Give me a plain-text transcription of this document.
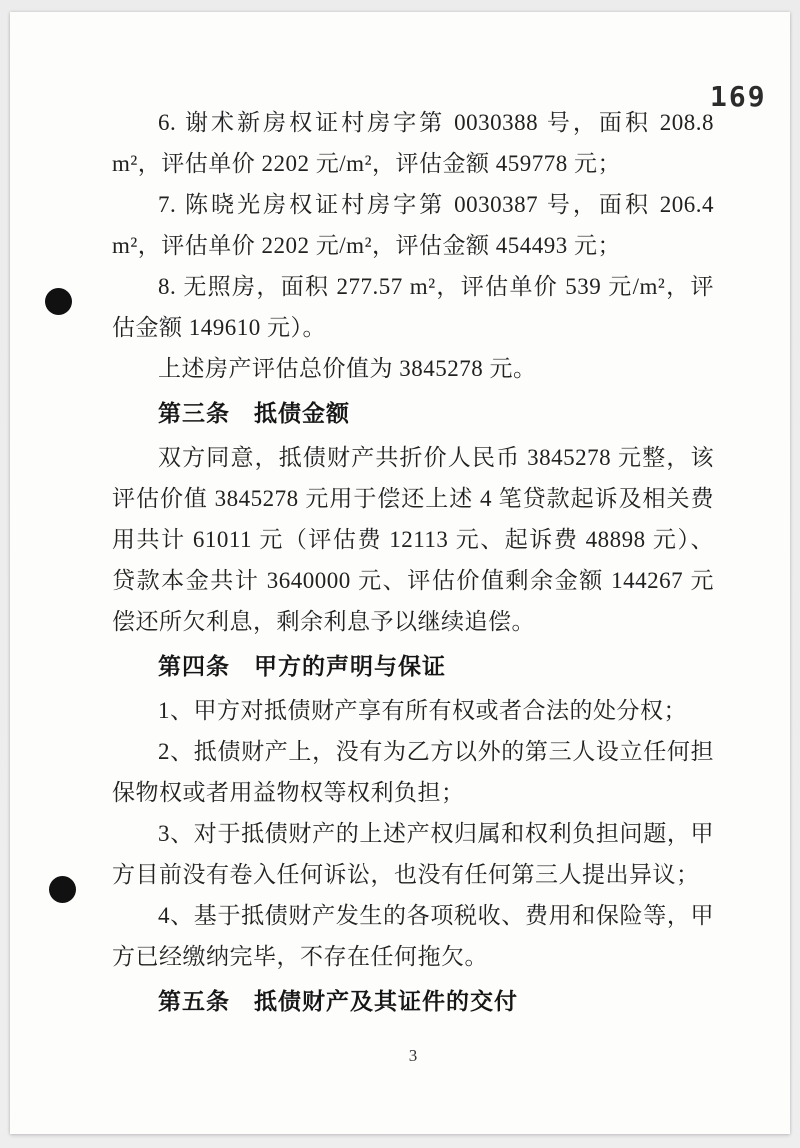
169

6. 谢术新房权证村房字第 0030388 号，面积 208.8 m²，评估单价 2202 元/m²，评估金额 459778 元；

7. 陈晓光房权证村房字第 0030387 号，面积 206.4 m²，评估单价 2202 元/m²，评估金额 454493 元；

8. 无照房，面积 277.57 m²，评估单价 539 元/m²，评估金额 149610 元）。

上述房产评估总价值为 3845278 元。

第三条　抵债金额

双方同意，抵债财产共折价人民币 3845278 元整，该评估价值 3845278 元用于偿还上述 4 笔贷款起诉及相关费用共计 61011 元（评估费 12113 元、起诉费 48898 元）、贷款本金共计 3640000 元、评估价值剩余金额 144267 元偿还所欠利息，剩余利息予以继续追偿。

第四条　甲方的声明与保证

1、甲方对抵债财产享有所有权或者合法的处分权；

2、抵债财产上，没有为乙方以外的第三人设立任何担保物权或者用益物权等权利负担；

3、对于抵债财产的上述产权归属和权利负担问题，甲方目前没有卷入任何诉讼，也没有任何第三人提出异议；

4、基于抵债财产发生的各项税收、费用和保险等，甲方已经缴纳完毕，不存在任何拖欠。

第五条　抵债财产及其证件的交付

3
